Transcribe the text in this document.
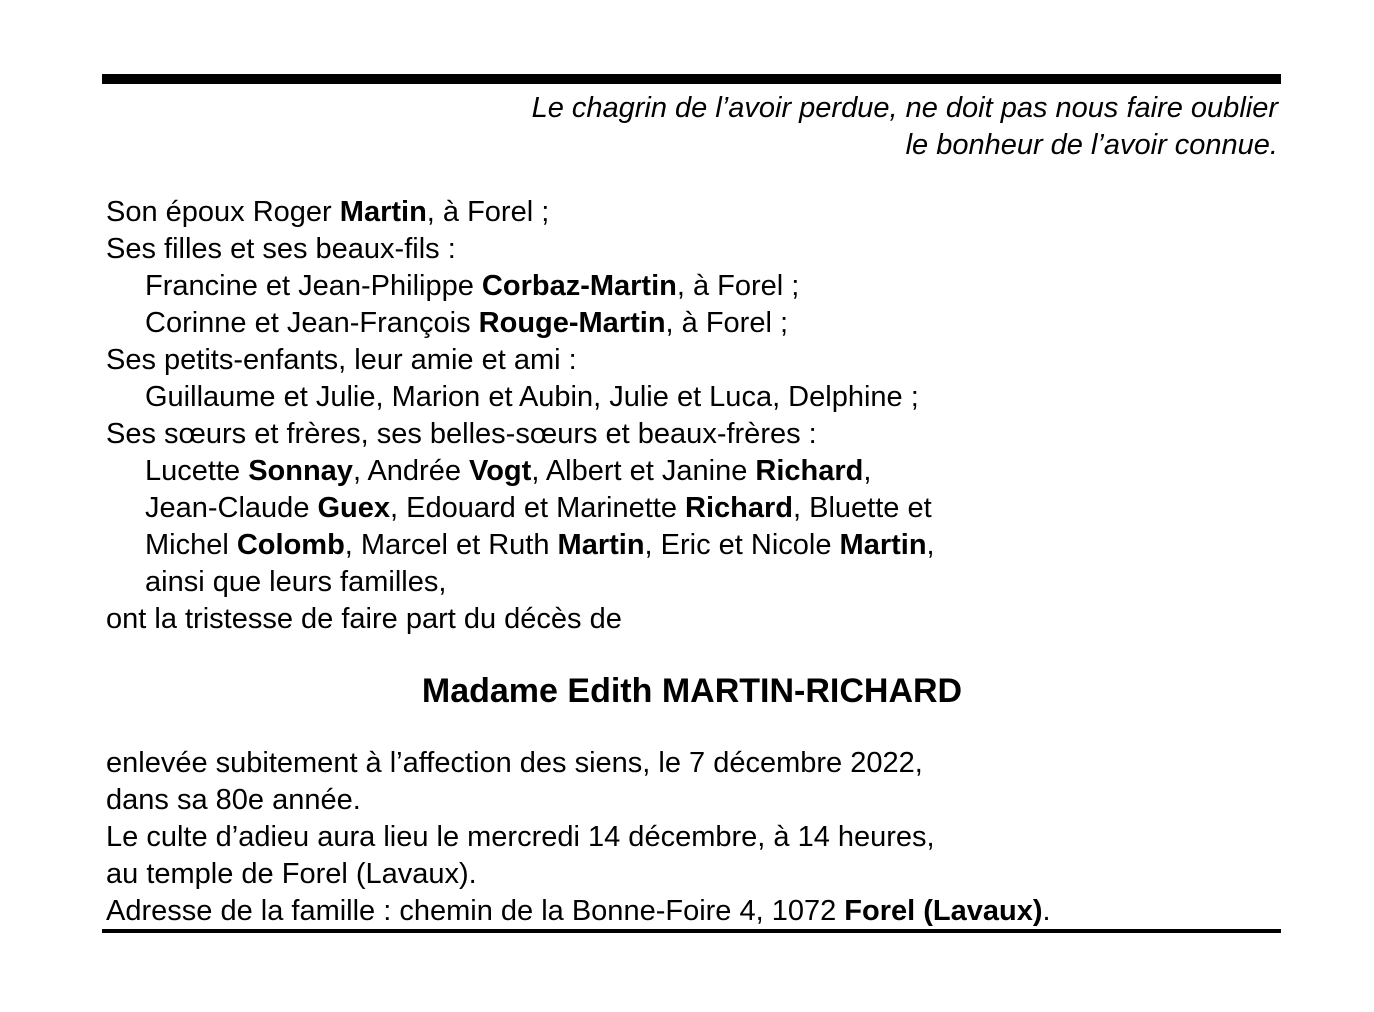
Le chagrin de l’avoir perdue, ne doit pas nous faire oublier
le bonheur de l’avoir connue.
Son époux Roger Martin, à Forel ;
Ses filles et ses beaux-fils :
Francine et Jean-Philippe Corbaz-Martin, à Forel ;
Corinne et Jean-François Rouge-Martin, à Forel ;
Ses petits-enfants, leur amie et ami :
Guillaume et Julie, Marion et Aubin, Julie et Luca, Delphine ;
Ses sœurs et frères, ses belles-sœurs et beaux-frères :
Lucette Sonnay, Andrée Vogt, Albert et Janine Richard,
Jean-Claude Guex, Edouard et Marinette Richard, Bluette et
Michel Colomb, Marcel et Ruth Martin, Eric et Nicole Martin,
ainsi que leurs familles,
ont la tristesse de faire part du décès de
Madame Edith MARTIN-RICHARD
enlevée subitement à l’affection des siens, le 7 décembre 2022,
dans sa 80e année.
Le culte d’adieu aura lieu le mercredi 14 décembre, à 14 heures,
au temple de Forel (Lavaux).
Adresse de la famille : chemin de la Bonne-Foire 4, 1072 Forel (Lavaux).
